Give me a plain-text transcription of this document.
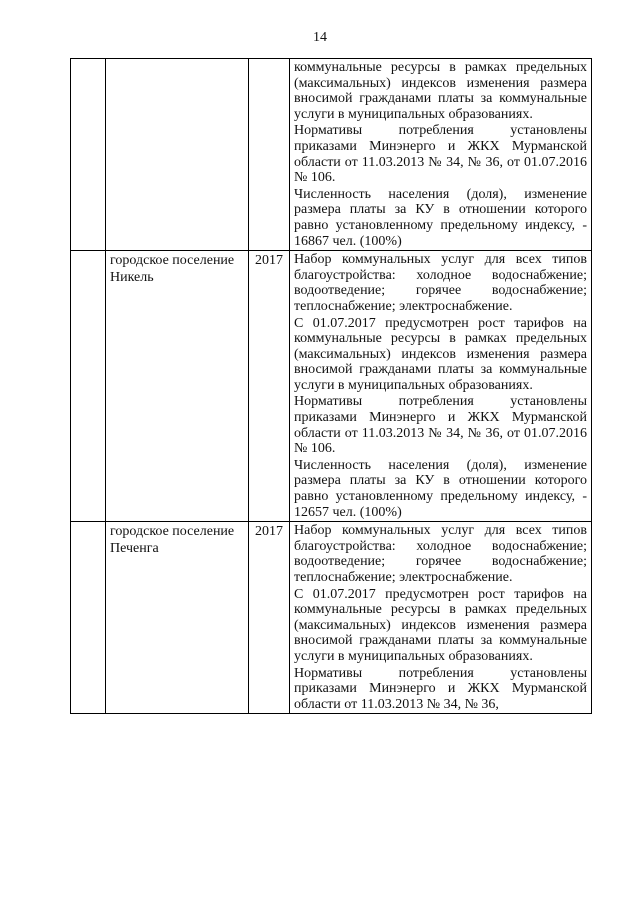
14

			коммунальные ресурсы в рамках предельных (максимальных) индексов изменения размера вносимой гражданами платы за коммунальные услуги в муниципальных образованиях.

Нормативы потребления установлены приказами Минэнерго и ЖКХ Мурманской области от 11.03.2013 № 34, № 36, от 01.07.2016 № 106.

Численность населения (доля), изменение размера платы за КУ в отношении которого равно установленному предельному индексу, - 16867 чел. (100%)

	городское поселение Никель	2017	Набор коммунальных услуг для всех типов благоустройства: холодное водоснабжение; водоотведение; горячее водоснабжение; теплоснабжение; электроснабжение.

С 01.07.2017 предусмотрен рост тарифов на коммунальные ресурсы в рамках предельных (максимальных) индексов изменения размера вносимой гражданами платы за коммунальные услуги в муниципальных образованиях.

Нормативы потребления установлены приказами Минэнерго и ЖКХ Мурманской области от 11.03.2013 № 34, № 36, от 01.07.2016 № 106.

Численность населения (доля), изменение размера платы за КУ в отношении которого равно установленному предельному индексу, - 12657 чел. (100%)

	городское поселение Печенга	2017	Набор коммунальных услуг для всех типов благоустройства: холодное водоснабжение; водоотведение; горячее водоснабжение; теплоснабжение; электроснабжение.

С 01.07.2017 предусмотрен рост тарифов на коммунальные ресурсы в рамках предельных (максимальных) индексов изменения размера вносимой гражданами платы за коммунальные услуги в муниципальных образованиях.

Нормативы потребления установлены приказами Минэнерго и ЖКХ Мурманской области от 11.03.2013 № 34, № 36,
